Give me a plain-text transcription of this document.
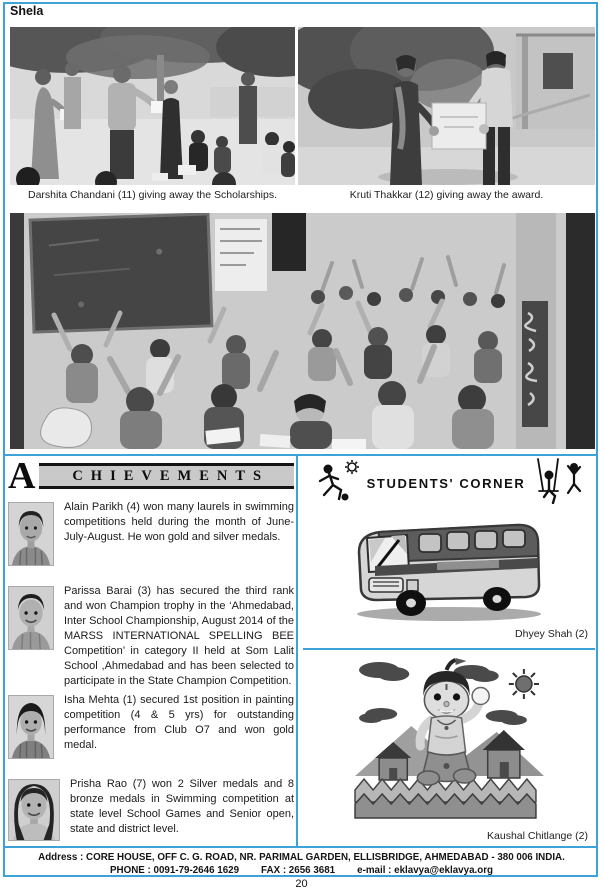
Shela
Darshita Chandani (11) giving away the Scholarships.	Kruti Thakkar (12) giving away the award.
A	CHIEVEMENTS

Alain Parikh (4) won many laurels in swimming competitions held during the month of June-July-August. He won gold and silver medals.

Parissa Barai (3) has secured the third rank and won Champion trophy in the ‘Ahmedabad, Inter School Championship, August 2014 of the MARSS INTERNATIONAL SPELLING BEE Competition’ in category II held at Som Lalit School ,Ahmedabad and has been selected to participate in the State Champion Competition.

Isha Mehta (1) secured 1st position in painting competition (4 & 5 yrs) for outstanding performance from Club O7 and won gold medal.

Prisha Rao (7) won 2 Silver medals and 8 bronze medals in Swimming competition at state level School Games and Senior open, state and district level.

STUDENTS' CORNER
Dhyey Shah (2)
Kaushal Chitlange (2)
Address : CORE HOUSE, OFF C. G. ROAD, NR. PARIMAL GARDEN, ELLISBRIDGE, AHMEDABAD - 380 006 INDIA.
PHONE : 0091-79-2646 1629 FAX : 2656 3681 e-mail : eklavya@eklavya.org
20
